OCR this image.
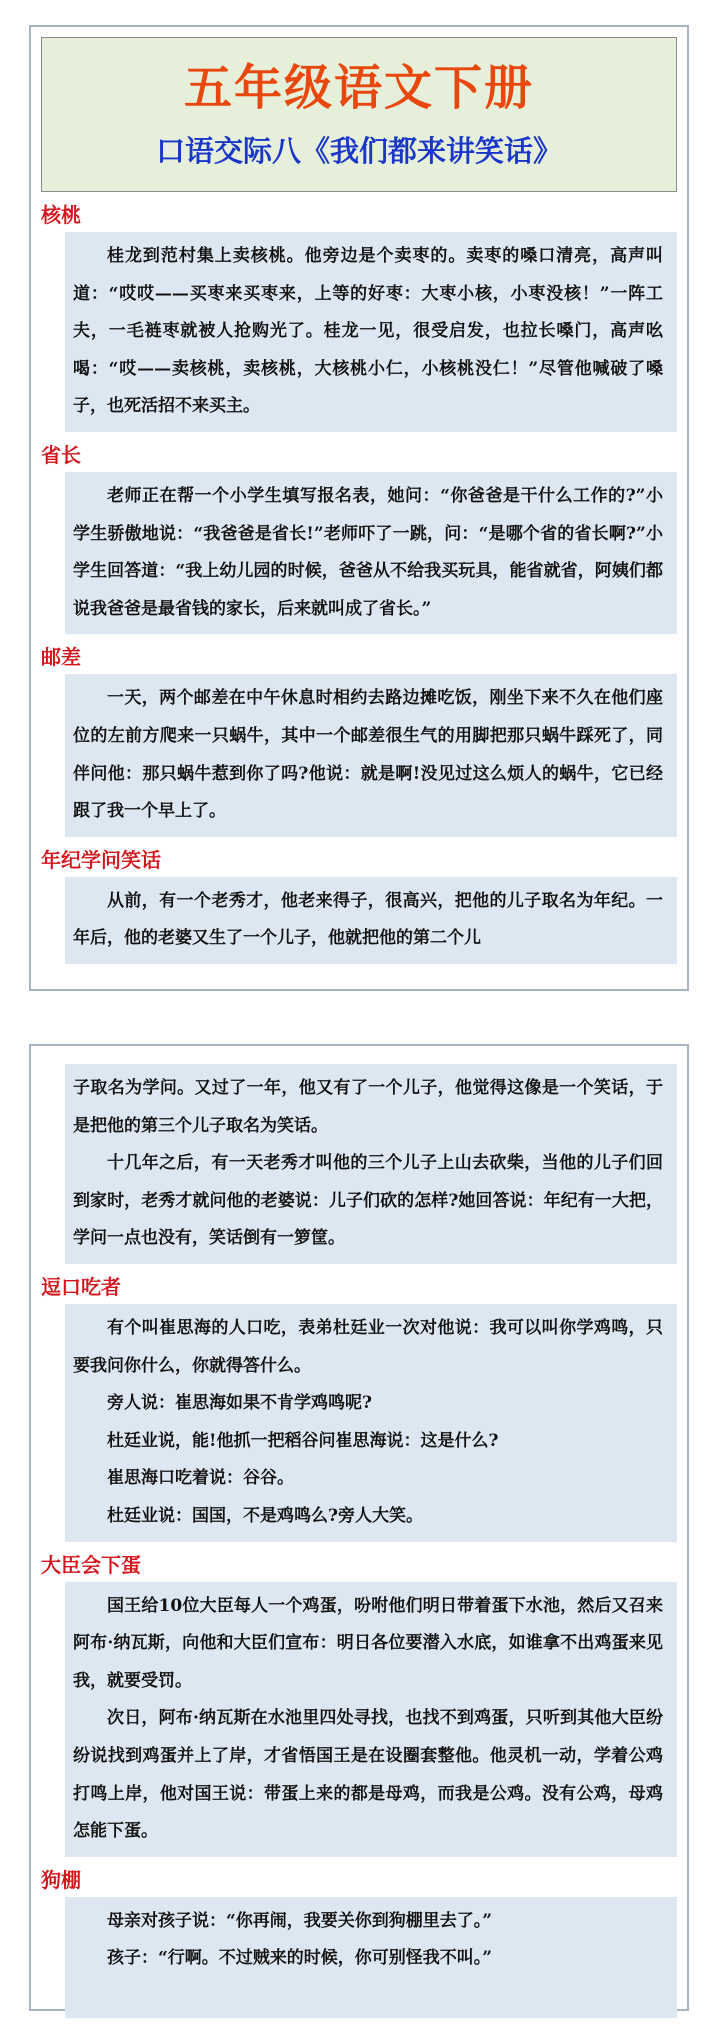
五年级语文下册
口语交际八《我们都来讲笑话》
核桃

桂龙到范村集上卖核桃。他旁边是个卖枣的。卖枣的嗓口清亮，高声叫道：“哎哎——买枣来买枣来，上等的好枣：大枣小核，小枣没核！”一阵工夫，一毛裢枣就被人抢购光了。桂龙一见，很受启发，也拉长嗓门，高声吆喝：“哎——卖核桃，卖核桃，大核桃小仁，小核桃没仁！”尽管他喊破了嗓子，也死活招不来买主。

省长

老师正在帮一个小学生填写报名表，她问：“你爸爸是干什么工作的?”小学生骄傲地说：“我爸爸是省长!”老师吓了一跳，问：“是哪个省的省长啊?”小学生回答道：“我上幼儿园的时候，爸爸从不给我买玩具，能省就省，阿姨们都说我爸爸是最省钱的家长，后来就叫成了省长。”

邮差

一天，两个邮差在中午休息时相约去路边摊吃饭，刚坐下来不久在他们座位的左前方爬来一只蜗牛，其中一个邮差很生气的用脚把那只蜗牛踩死了，同伴问他：那只蜗牛惹到你了吗?他说：就是啊!没见过这么烦人的蜗牛，它已经跟了我一个早上了。

年纪学问笑话

从前，有一个老秀才，他老来得子，很高兴，把他的儿子取名为年纪。一年后，他的老婆又生了一个儿子，他就把他的第二个儿

子取名为学问。又过了一年，他又有了一个儿子，他觉得这像是一个笑话，于是把他的第三个儿子取名为笑话。

十几年之后，有一天老秀才叫他的三个儿子上山去砍柴，当他的儿子们回到家时，老秀才就问他的老婆说：儿子们砍的怎样?她回答说：年纪有一大把，学问一点也没有，笑话倒有一箩筐。

逗口吃者

有个叫崔思海的人口吃，表弟杜廷业一次对他说：我可以叫你学鸡鸣，只要我问你什么，你就得答什么。

旁人说：崔思海如果不肯学鸡鸣呢?

杜廷业说，能!他抓一把稻谷问崔思海说：这是什么?

崔思海口吃着说：谷谷。

杜廷业说：国国，不是鸡鸣么?旁人大笑。

大臣会下蛋

国王给10位大臣每人一个鸡蛋，吩咐他们明日带着蛋下水池，然后又召来阿布·纳瓦斯，向他和大臣们宣布：明日各位要潜入水底，如谁拿不出鸡蛋来见我，就要受罚。

次日，阿布·纳瓦斯在水池里四处寻找，也找不到鸡蛋，只听到其他大臣纷纷说找到鸡蛋并上了岸，才省悟国王是在设圈套整他。他灵机一动，学着公鸡打鸣上岸，他对国王说：带蛋上来的都是母鸡，而我是公鸡。没有公鸡，母鸡怎能下蛋。

狗棚

母亲对孩子说：“你再闹，我要关你到狗棚里去了。”

孩子：“行啊。不过贼来的时候，你可别怪我不叫。”
